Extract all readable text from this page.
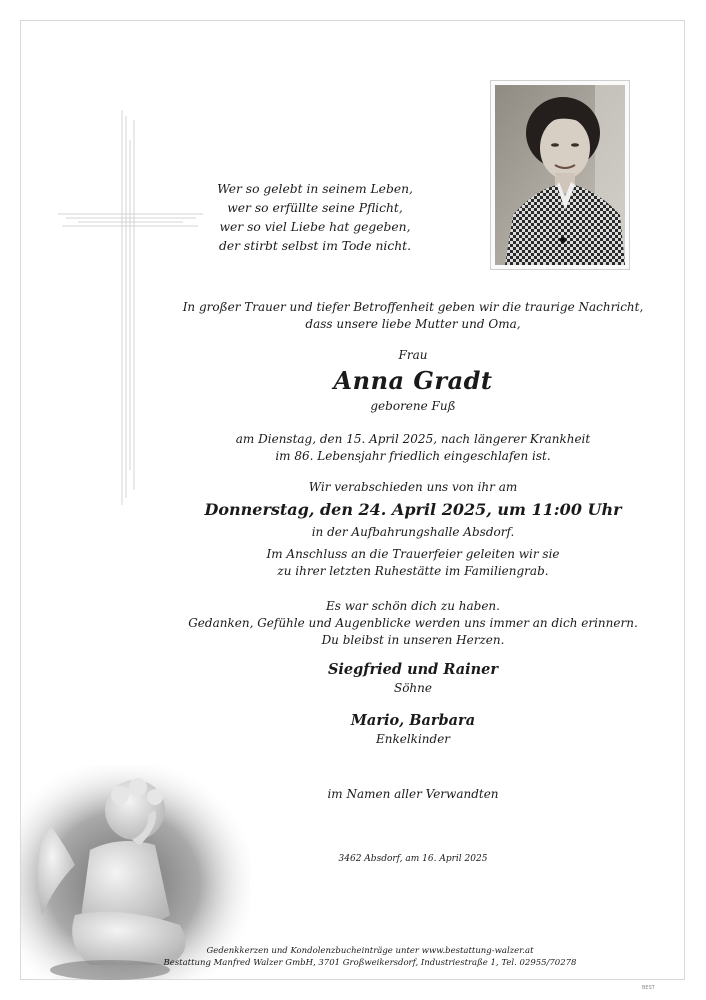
Wer so gelebt in seinem Leben,

wer so erfüllte seine Pflicht,

wer so viel Liebe hat gegeben,

der stirbt selbst im Tode nicht.

In großer Trauer und tiefer Betroffenheit geben wir die traurige Nachricht,

dass unsere liebe Mutter und Oma,

Frau

Anna Gradt

geborene Fuß

am Dienstag, den 15. April 2025, nach längerer Krankheit

im 86. Lebensjahr friedlich eingeschlafen ist.

Wir verabschieden uns von ihr am

Donnerstag, den 24. April 2025, um 11:00 Uhr

in der Aufbahrungshalle Absdorf.

Im Anschluss an die Trauerfeier geleiten wir sie

zu ihrer letzten Ruhestätte im Familiengrab.

Es war schön dich zu haben.

Gedanken, Gefühle und Augenblicke werden uns immer an dich erinnern.

Du bleibst in unseren Herzen.

Siegfried und Rainer

Söhne

Mario, Barbara

Enkelkinder

im Namen aller Verwandten

3462 Absdorf, am 16. April 2025

Gedenkkerzen und Kondolenzbucheinträge unter www.bestattung-walzer.at

Bestattung Manfred Walzer GmbH, 3701 Großweikersdorf, Industriestraße 1, Tel. 02955/70278

BEST
